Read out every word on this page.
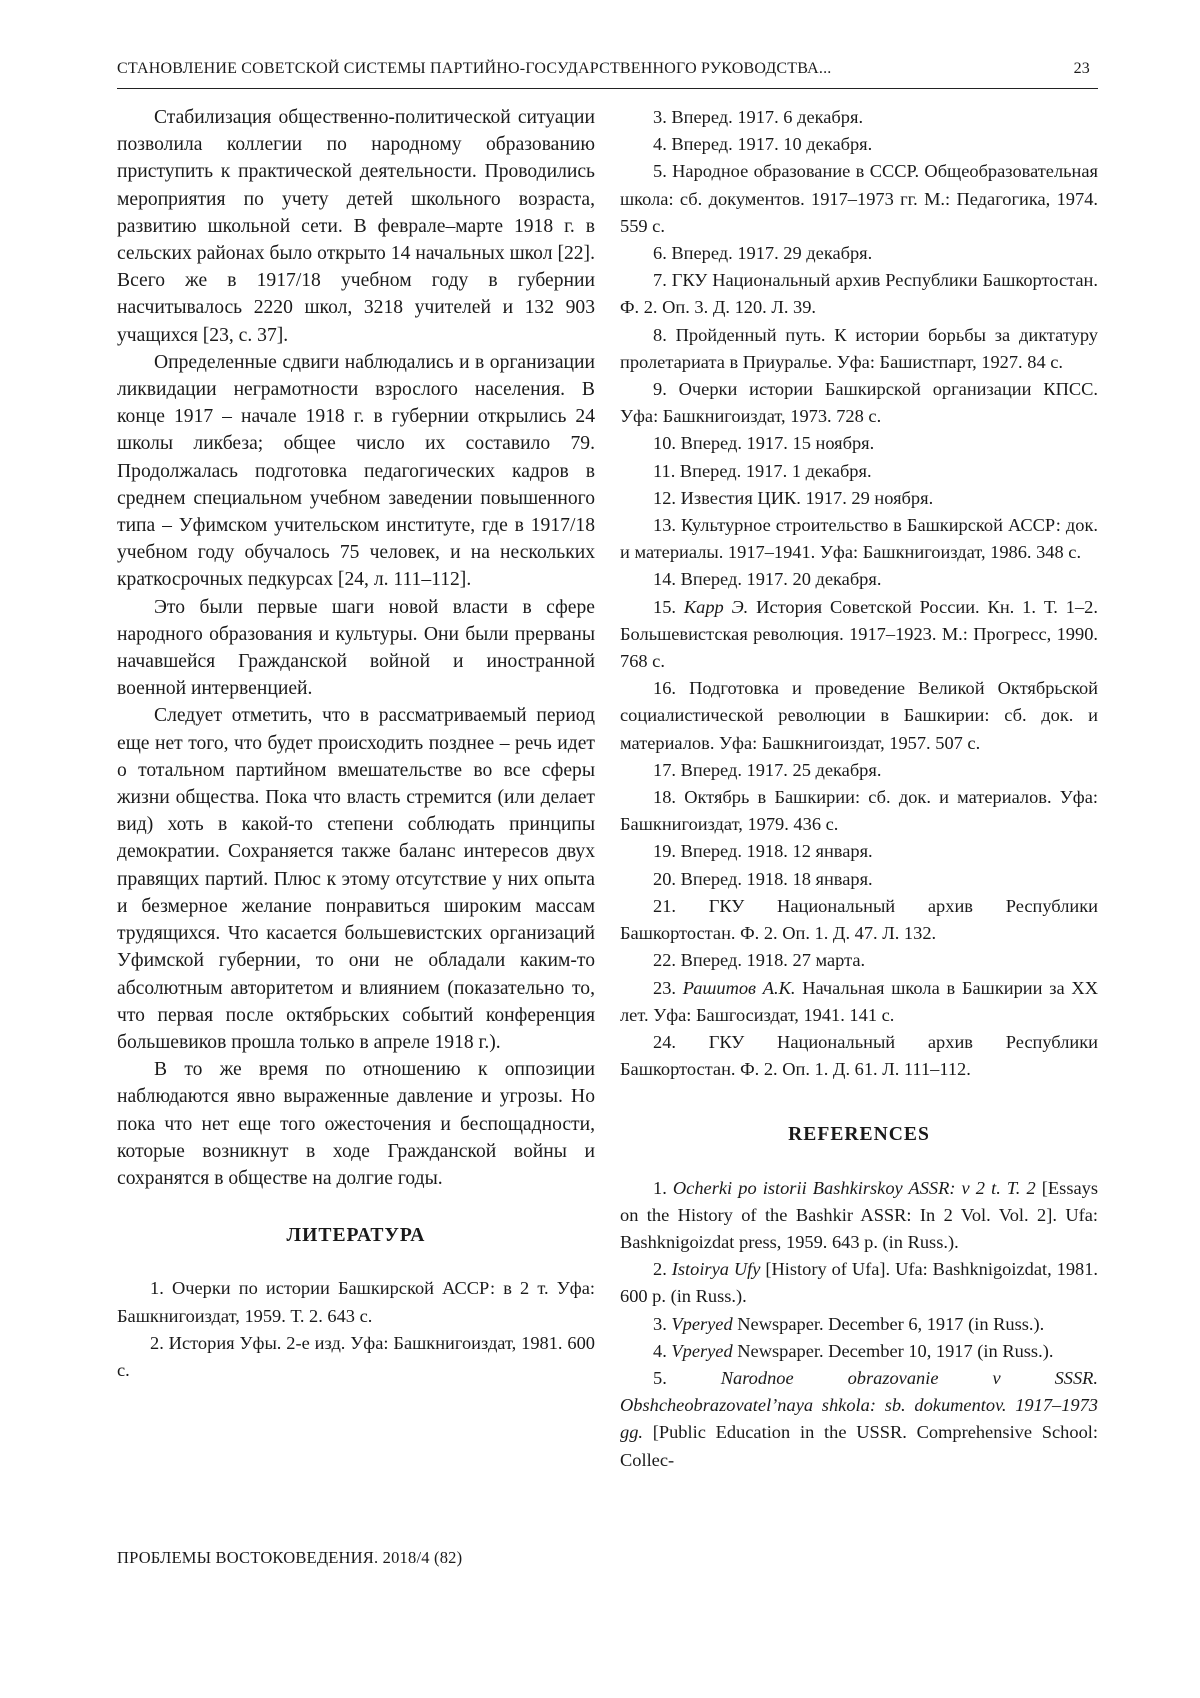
СТАНОВЛЕНИЕ СОВЕТСКОЙ СИСТЕМЫ ПАРТИЙНО-ГОСУДАРСТВЕННОГО РУКОВОДСТВА...	23

Стабилизация общественно-политической ситуации позволила коллегии по народному образованию приступить к практической деятельности. Проводились мероприятия по учету детей школьного возраста, развитию школьной сети. В феврале–марте 1918 г. в сельских районах было открыто 14 начальных школ [22]. Всего же в 1917/18 учебном году в губернии насчитывалось 2220 школ, 3218 учителей и 132 903 учащихся [23, с. 37].

Определенные сдвиги наблюдались и в организации ликвидации неграмотности взрослого населения. В конце 1917 – начале 1918 г. в губернии открылись 24 школы ликбеза; общее число их составило 79. Продолжалась подготовка педагогических кадров в среднем специальном учебном заведении повышенного типа – Уфимском учительском институте, где в 1917/18 учебном году обучалось 75 человек, и на нескольких краткосрочных педкурсах [24, л. 111–112].

Это были первые шаги новой власти в сфере народного образования и культуры. Они были прерваны начавшейся Гражданской войной и иностранной военной интервенцией.

Следует отметить, что в рассматриваемый период еще нет того, что будет происходить позднее – речь идет о тотальном партийном вмешательстве во все сферы жизни общества. Пока что власть стремится (или делает вид) хоть в какой-то степени соблюдать принципы демократии. Сохраняется также баланс интересов двух правящих партий. Плюс к этому отсутствие у них опыта и безмерное желание понравиться широким массам трудящихся. Что касается большевистских организаций Уфимской губернии, то они не обладали каким-то абсолютным авторитетом и влиянием (показательно то, что первая после октябрьских событий конференция большевиков прошла только в апреле 1918 г.).

В то же время по отношению к оппозиции наблюдаются явно выраженные давление и угрозы. Но пока что нет еще того ожесточения и беспощадности, которые возникнут в ходе Гражданской войны и сохранятся в обществе на долгие годы.

ЛИТЕРАТУРА

1. Очерки по истории Башкирской АССР: в 2 т. Уфа: Башкнигоиздат, 1959. Т. 2. 643 с.

2. История Уфы. 2-е изд. Уфа: Башкнигоиздат, 1981. 600 с.

3. Вперед. 1917. 6 декабря.

4. Вперед. 1917. 10 декабря.

5. Народное образование в СССР. Общеобразовательная школа: сб. документов. 1917–1973 гг. М.: Педагогика, 1974. 559 с.

6. Вперед. 1917. 29 декабря.

7. ГКУ Национальный архив Республики Башкортостан. Ф. 2. Оп. 3. Д. 120. Л. 39.

8. Пройденный путь. К истории борьбы за диктатуру пролетариата в Приуралье. Уфа: Башистпарт, 1927. 84 с.

9. Очерки истории Башкирской организации КПСС. Уфа: Башкнигоиздат, 1973. 728 с.

10. Вперед. 1917. 15 ноября.

11. Вперед. 1917. 1 декабря.

12. Известия ЦИК. 1917. 29 ноября.

13. Культурное строительство в Башкирской АССР: док. и материалы. 1917–1941. Уфа: Башкнигоиздат, 1986. 348 с.

14. Вперед. 1917. 20 декабря.

15. Карр Э. История Советской России. Кн. 1. Т. 1–2. Большевистская революция. 1917–1923. М.: Прогресс, 1990. 768 с.

16. Подготовка и проведение Великой Октябрьской социалистической революции в Башкирии: сб. док. и материалов. Уфа: Башкнигоиздат, 1957. 507 с.

17. Вперед. 1917. 25 декабря.

18. Октябрь в Башкирии: сб. док. и материалов. Уфа: Башкнигоиздат, 1979. 436 с.

19. Вперед. 1918. 12 января.

20. Вперед. 1918. 18 января.

21. ГКУ Национальный архив Республики Башкортостан. Ф. 2. Оп. 1. Д. 47. Л. 132.

22. Вперед. 1918. 27 марта.

23. Рашитов А.К. Начальная школа в Башкирии за XX лет. Уфа: Башгосиздат, 1941. 141 с.

24. ГКУ Национальный архив Республики Башкортостан. Ф. 2. Оп. 1. Д. 61. Л. 111–112.

REFERENCES

1. Ocherki po istorii Bashkirskoy ASSR: v 2 t. T. 2 [Essays on the History of the Bashkir ASSR: In 2 Vol. Vol. 2]. Ufa: Bashknigoizdat press, 1959. 643 p. (in Russ.).

2. Istoirya Ufy [History of Ufa]. Ufa: Bashknigoizdat, 1981. 600 p. (in Russ.).

3. Vperyed Newspaper. December 6, 1917 (in Russ.).

4. Vperyed Newspaper. December 10, 1917 (in Russ.).

5. Narodnoe obrazovanie v SSSR. Obshcheobrazovatel’naya shkola: sb. dokumentov. 1917–1973 gg. [Public Education in the USSR. Comprehensive School: Collec-

ПРОБЛЕМЫ ВОСТОКОВЕДЕНИЯ. 2018/4 (82)
